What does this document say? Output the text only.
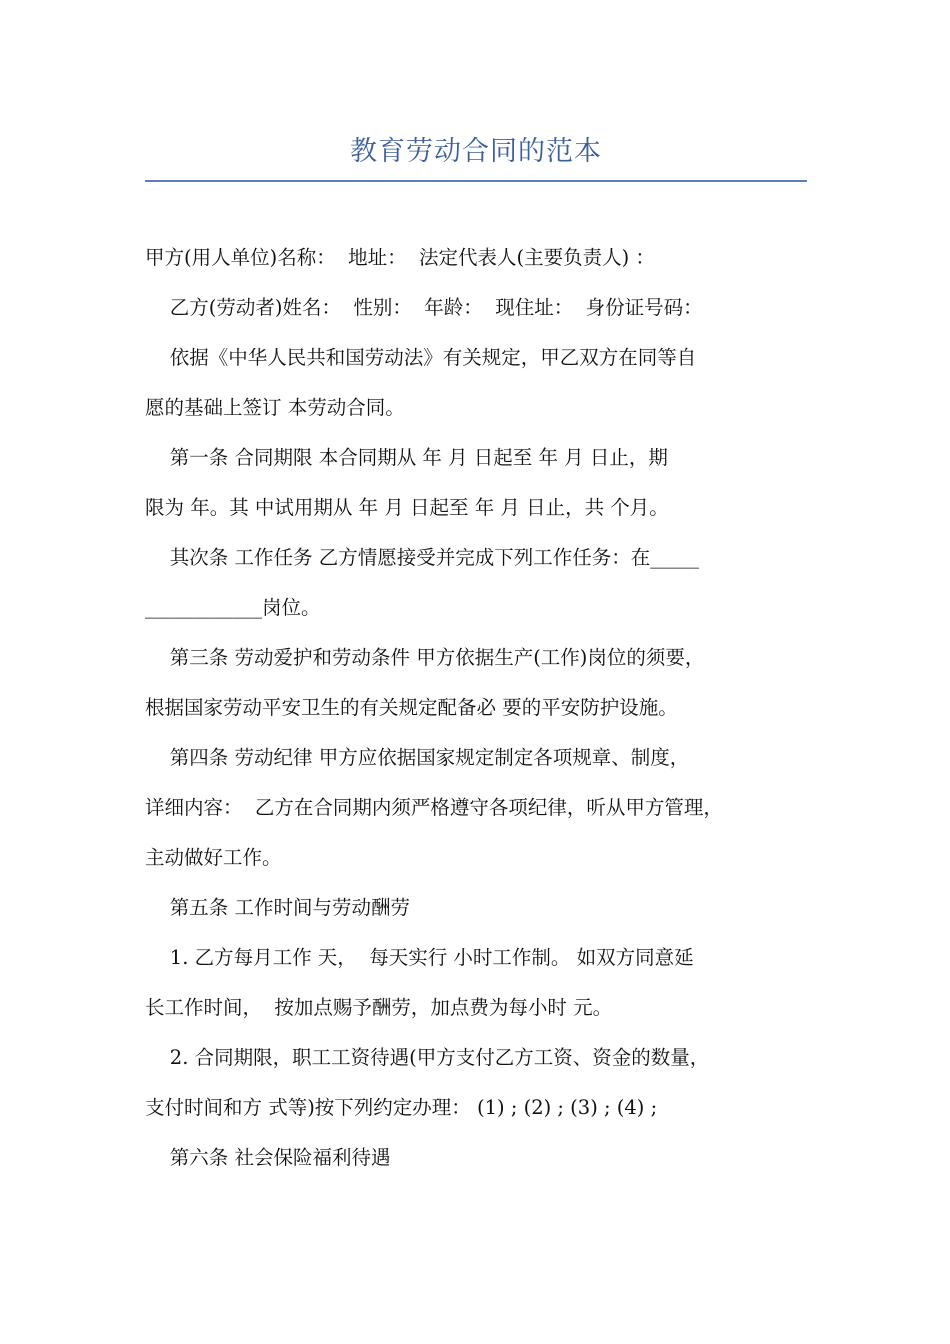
教育劳动合同的范本
甲方(用人单位)名称：  地址：  法定代表人(主要负责人) ：
乙方(劳动者)姓名：  性别：  年龄：  现住址：  身份证号码：
依据《中华人民共和国劳动法》有关规定，甲乙双方在同等自
愿的基础上签订 本劳动合同。
第一条 合同期限 本合同期从 年 月 日起至 年 月 日止，期
限为 年。其 中试用期从 年 月 日起至 年 月 日止，共 个月。
其次条 工作任务 乙方情愿接受并完成下列工作任务：在_____
____________岗位。
第三条 劳动爱护和劳动条件 甲方依据生产(工作)岗位的须要，
根据国家劳动平安卫生的有关规定配备必 要的平安防护设施。
第四条 劳动纪律 甲方应依据国家规定制定各项规章、制度，
详细内容：  乙方在合同期内须严格遵守各项纪律，听从甲方管理，
主动做好工作。
第五条 工作时间与劳动酬劳
1. 乙方每月工作 天，  每天实行 小时工作制。 如双方同意延
长工作时间，  按加点赐予酬劳，加点费为每小时 元。
2. 合同期限，职工工资待遇(甲方支付乙方工资、资金的数量，
支付时间和方 式等)按下列约定办理： (1) ; (2) ; (3) ; (4) ;
第六条 社会保险福利待遇
